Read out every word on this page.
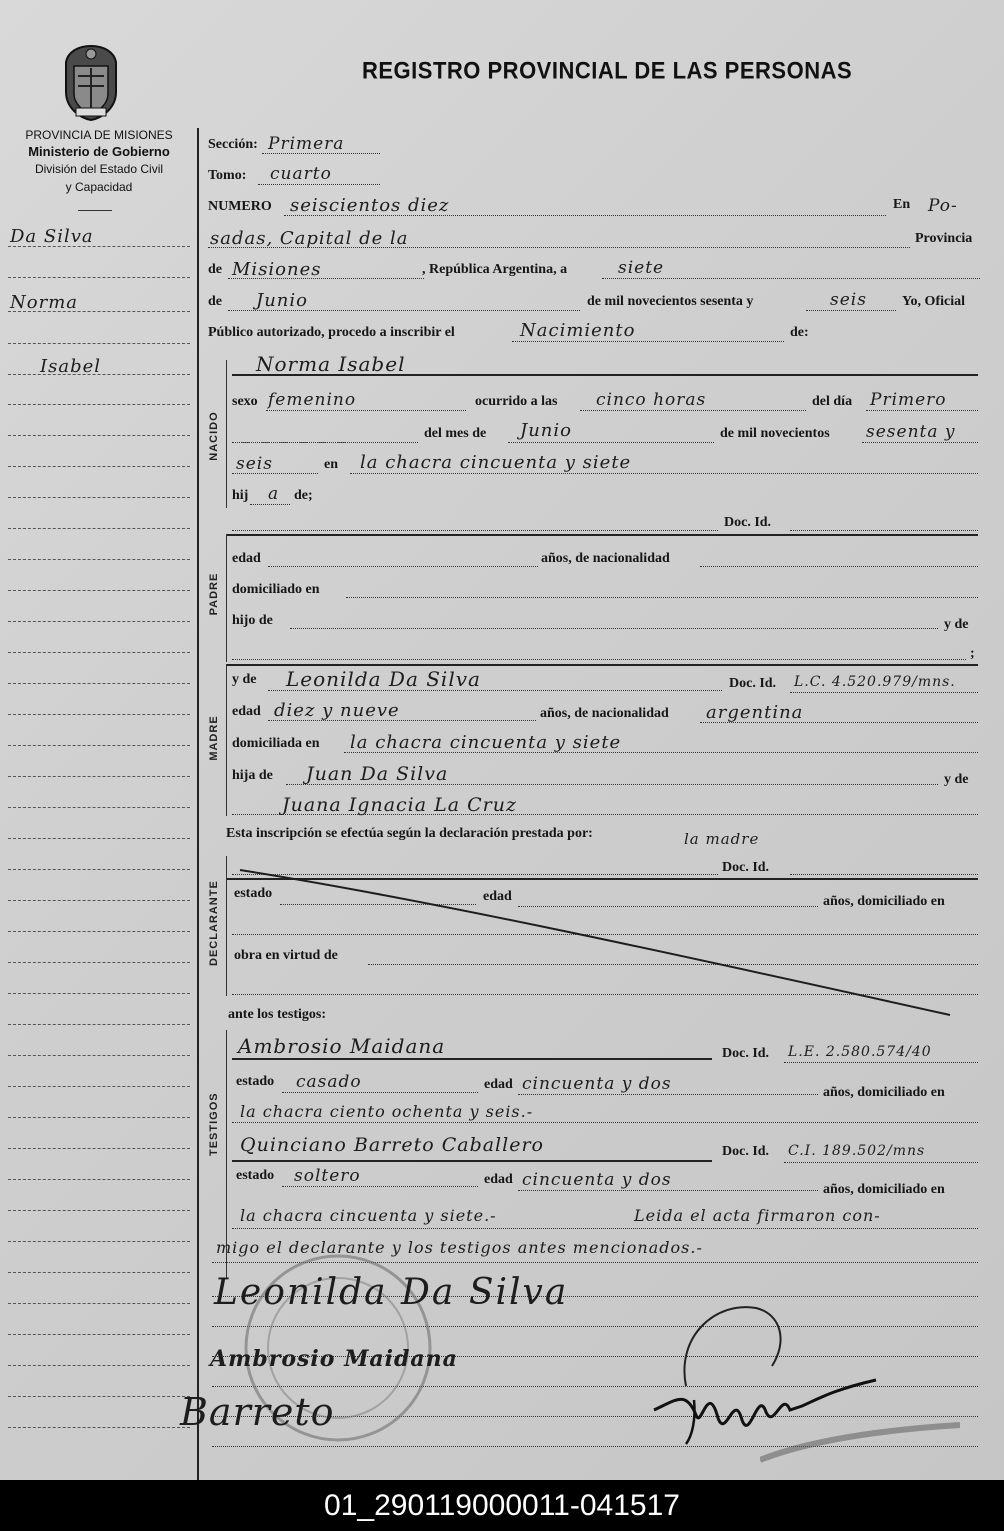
PROVINCIA DE MISIONES
Ministerio de Gobierno
División del Estado Civil
y Capacidad
REGISTRO PROVINCIAL DE LAS PERSONAS
Da Silva
Norma
Isabel
Sección: Primera
Tomo: cuarto
NUMERO seiscientos diez	En Po-
sadas, Capital de la	Provincia
de Misiones	, República Argentina, a	siete
de Junio	de mil novecientos sesenta y	seis	Yo, Oficial
Público autorizado, procedo a inscribir el	Nacimiento	de:
NACIDO
Norma Isabel
sexo femenino	ocurrido a las cinco horas	del día Primero
_ _ _ _ _ _	del mes de Junio	de mil novecientos sesenta y
seis	en la chacra cincuenta y siete
hij a de;
Doc. Id.
PADRE
edad	años, de nacionalidad
domiciliado en
hijo de	y de
;
MADRE
y de Leonilda Da Silva	Doc. Id. L.C. 4.520.979/mns.
edad diez y nueve	años, de nacionalidad argentina
domiciliada en la chacra cincuenta y siete
hija de Juan Da Silva	y de
Juana Ignacia La Cruz
Esta inscripción se efectúa según la declaración prestada por:	la madre
Doc. Id.
DECLARANTE estado	edad	años, domiciliado en
obra en virtud de
ante los testigos:
TESTIGOS
Ambrosio Maidana	Doc. Id. L.E. 2.580.574/40
estado casado	edad cincuenta y dos	años, domiciliado en
la chacra ciento ochenta y seis.-
Quinciano Barreto Caballero	Doc. Id. C.I. 189.502/mns
estado soltero	edad cincuenta y dos	años, domiciliado en
la chacra cincuenta y siete.-	Leida el acta firmaron con-
migo el declarante y los testigos antes mencionados.-
Leonilda Da Silva
Ambrosio Maidana
Barreto
01_290119000011-041517
